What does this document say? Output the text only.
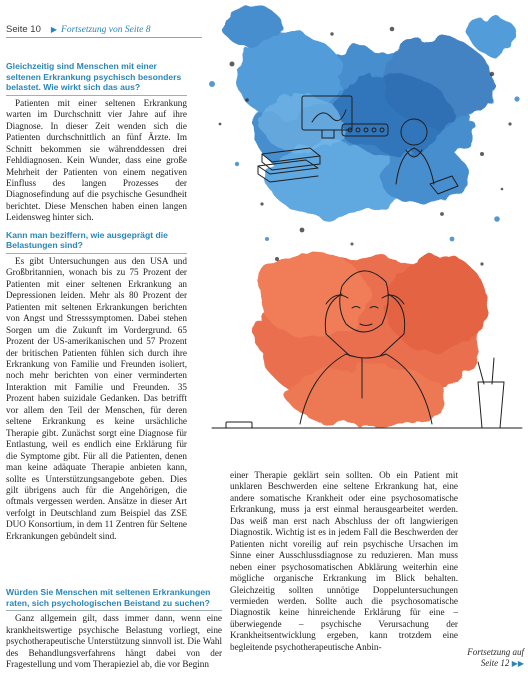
Seite 10 ▶ Fortsetzung von Seite 8

Gleichzeitig sind Menschen mit einer seltenen Erkrankung psychisch besonders belastet. Wie wirkt sich das aus?

Patienten mit einer seltenen Erkrankung warten im Durchschnitt vier Jahre auf ihre Diagnose. In dieser Zeit wenden sich die Patienten durchschnittlich an fünf Ärzte. Im Schnitt bekommen sie währenddessen drei Fehldiagnosen. Kein Wunder, dass eine große Mehrheit der Patienten von einem negativen Einfluss des langen Prozesses der Diagnosefindung auf die psychische Gesundheit berichtet. Diese Menschen haben einen langen Leidensweg hinter sich.

Kann man beziffern, wie ausgeprägt die Belastungen sind?

Es gibt Untersuchungen aus den USA und Großbritannien, wonach bis zu 75 Prozent der Patienten mit einer seltenen Erkrankung an Depressionen leiden. Mehr als 80 Prozent der Patienten mit seltenen Erkrankungen berichten von Angst und Stresssymptomen. Dabei stehen Sorgen um die Zukunft im Vordergrund. 65 Prozent der US-amerikanischen und 57 Prozent der britischen Patienten fühlen sich durch ihre Erkrankung von Familie und Freunden isoliert, noch mehr berichten von einer verminderten Interaktion mit Familie und Freunden. 35 Prozent haben suizidale Gedanken. Das betrifft vor allem den Teil der Menschen, für deren seltene Erkrankung es keine ursächliche Therapie gibt. Zunächst sorgt eine Diagnose für Entlastung, weil es endlich eine Erklärung für die Symptome gibt. Für all die Patienten, denen man keine adäquate Therapie anbieten kann, sollte es Unterstützungsangebote geben. Dies gilt übrigens auch für die Angehörigen, die oftmals vergessen werden. Ansätze in dieser Art verfolgt in Deutschland zum Beispiel das ZSE DUO Konsortium, in dem 11 Zentren für Seltene Erkrankungen gebündelt sind.

Würden Sie Menschen mit seltenen Erkrankungen raten, sich psychologischen Beistand zu suchen?

Ganz allgemein gilt, dass immer dann, wenn eine krankheitswertige psychische Belastung vorliegt, eine psychotherapeutische Unterstützung sinnvoll ist. Die Wahl des Behandlungsverfahrens hängt dabei von der Fragestellung und vom Therapieziel ab, die vor Beginn

einer Therapie geklärt sein sollten. Ob ein Patient mit unklaren Beschwerden eine seltene Erkrankung hat, eine andere somatische Krankheit oder eine psychosomatische Erkrankung, muss ja erst einmal herausgearbeitet werden. Das weiß man erst nach Abschluss der oft langwierigen Diagnostik. Wichtig ist es in jedem Fall die Beschwerden der Patienten nicht voreilig auf rein psychische Ursachen im Sinne einer Ausschlussdiagnose zu reduzieren. Man muss neben einer psychosomatischen Abklärung weiterhin eine mögliche organische Erkrankung im Blick behalten. Gleichzeitig sollten unnötige Doppeluntersuchungen vermieden werden. Sollte auch die psychosomatische Diagnostik keine hinreichende Erklärung für eine – überwiegende – psychische Verursachung der Krankheitsentwicklung ergeben, kann trotzdem eine begleitende psychotherapeutische Anbin-

Fortsetzung auf Seite 12 ▶▶
